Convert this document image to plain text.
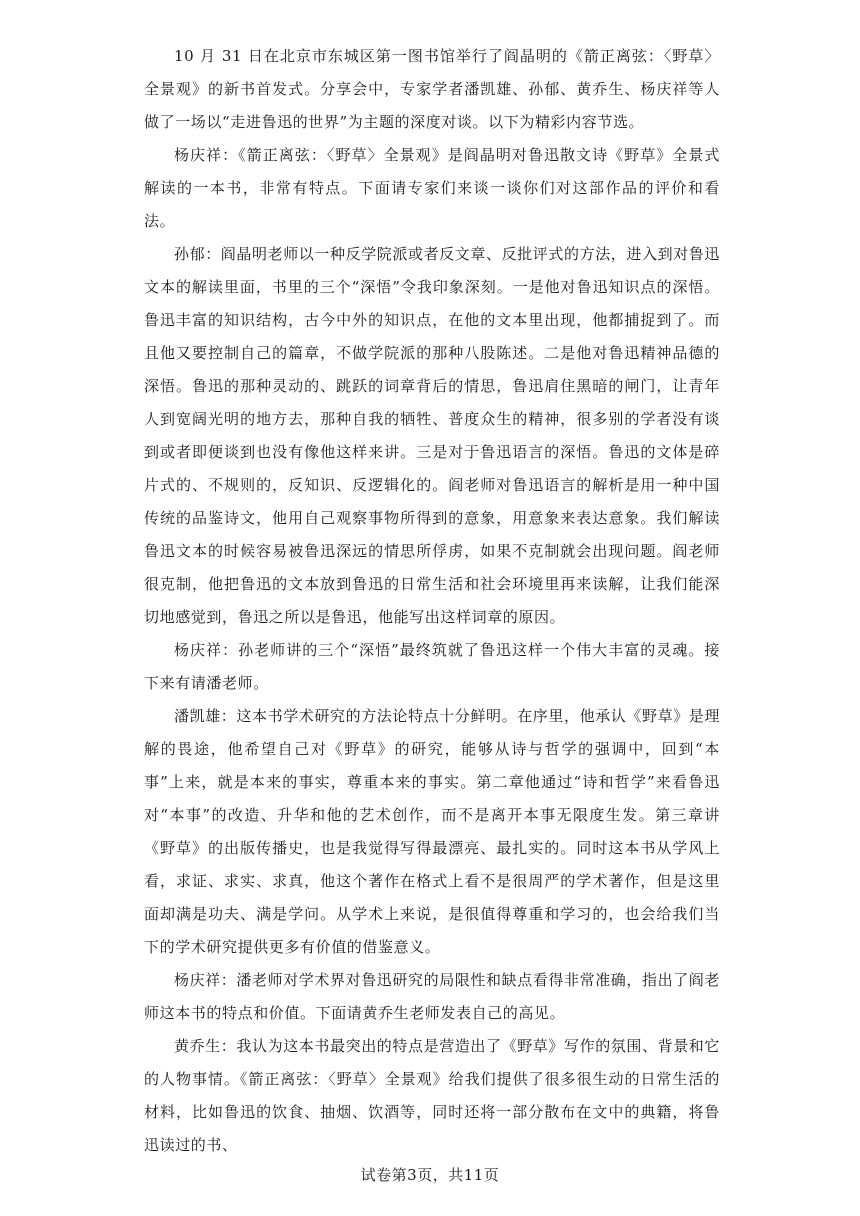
10 月 31 日在北京市东城区第一图书馆举行了阎晶明的《箭正离弦：〈野草〉全景观》的新书首发式。分享会中，专家学者潘凯雄、孙郁、黄乔生、杨庆祥等人做了一场以“走进鲁迅的世界”为主题的深度对谈。以下为精彩内容节选。

杨庆祥：《箭正离弦：〈野草〉全景观》是阎晶明对鲁迅散文诗《野草》全景式解读的一本书，非常有特点。下面请专家们来谈一谈你们对这部作品的评价和看法。

孙郁：阎晶明老师以一种反学院派或者反文章、反批评式的方法，进入到对鲁迅文本的解读里面，书里的三个“深悟”令我印象深刻。一是他对鲁迅知识点的深悟。鲁迅丰富的知识结构，古今中外的知识点，在他的文本里出现，他都捕捉到了。而且他又要控制自己的篇章，不做学院派的那种八股陈述。二是他对鲁迅精神品德的深悟。鲁迅的那种灵动的、跳跃的词章背后的情思，鲁迅肩住黑暗的闸门，让青年人到宽阔光明的地方去，那种自我的牺牲、普度众生的精神，很多别的学者没有谈到或者即便谈到也没有像他这样来讲。三是对于鲁迅语言的深悟。鲁迅的文体是碎片式的、不规则的，反知识、反逻辑化的。阎老师对鲁迅语言的解析是用一种中国传统的品鉴诗文，他用自己观察事物所得到的意象，用意象来表达意象。我们解读鲁迅文本的时候容易被鲁迅深远的情思所俘虏，如果不克制就会出现问题。阎老师很克制，他把鲁迅的文本放到鲁迅的日常生活和社会环境里再来读解，让我们能深切地感觉到，鲁迅之所以是鲁迅，他能写出这样词章的原因。

杨庆祥：孙老师讲的三个“深悟”最终筑就了鲁迅这样一个伟大丰富的灵魂。接下来有请潘老师。

潘凯雄：这本书学术研究的方法论特点十分鲜明。在序里，他承认《野草》是理解的畏途，他希望自己对《野草》的研究，能够从诗与哲学的强调中，回到“本事”上来，就是本来的事实，尊重本来的事实。第二章他通过“诗和哲学”来看鲁迅对“本事”的改造、升华和他的艺术创作，而不是离开本事无限度生发。第三章讲《野草》的出版传播史，也是我觉得写得最漂亮、最扎实的。同时这本书从学风上看，求证、求实、求真，他这个著作在格式上看不是很周严的学术著作，但是这里面却满是功夫、满是学问。从学术上来说，是很值得尊重和学习的，也会给我们当下的学术研究提供更多有价值的借鉴意义。

杨庆祥：潘老师对学术界对鲁迅研究的局限性和缺点看得非常准确，指出了阎老师这本书的特点和价值。下面请黄乔生老师发表自己的高见。

黄乔生：我认为这本书最突出的特点是营造出了《野草》写作的氛围、背景和它的人物事情。《箭正离弦：〈野草〉全景观》给我们提供了很多很生动的日常生活的材料，比如鲁迅的饮食、抽烟、饮酒等，同时还将一部分散布在文中的典籍，将鲁迅读过的书、

试卷第3页，共11页
